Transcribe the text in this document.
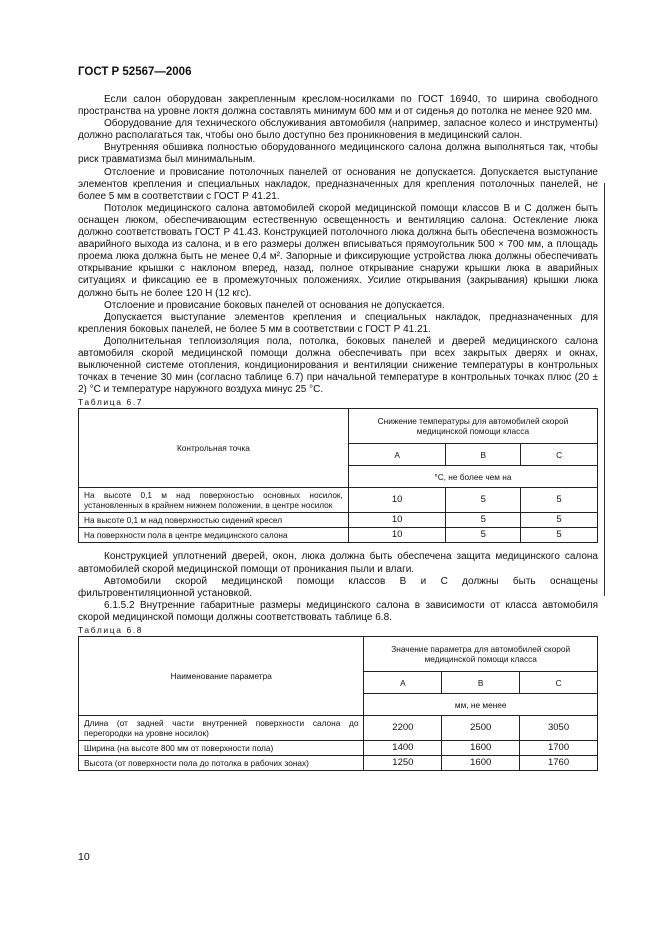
ГОСТ Р 52567—2006

Если салон оборудован закрепленным креслом-носилками по ГОСТ 16940, то ширина свободного пространства на уровне локтя должна составлять минимум 600 мм и от сиденья до потолка не менее 920 мм.

Оборудование для технического обслуживания автомобиля (например, запасное колесо и инструменты) должно располагаться так, чтобы оно было доступно без проникновения в медицинский салон.

Внутренняя обшивка полностью оборудованного медицинского салона должна выполняться так, чтобы риск травматизма был минимальным.

Отслоение и провисание потолочных панелей от основания не допускается. Допускается выступание элементов крепления и специальных накладок, предназначенных для крепления потолочных панелей, не более 5 мм в соответствии с ГОСТ Р 41.21.

Потолок медицинского салона автомобилей скорой медицинской помощи классов В и С должен быть оснащен люком, обеспечивающим естественную освещенность и вентиляцию салона. Остекление люка должно соответствовать ГОСТ Р 41.43. Конструкцией потолочного люка должна быть обеспечена возможность аварийного выхода из салона, и в его размеры должен вписываться прямоугольник 500 × 700 мм, а площадь проема люка должна быть не менее 0,4 м². Запорные и фиксирующие устройства люка должны обеспечивать открывание крышки с наклоном вперед, назад, полное открывание снаружи крышки люка в аварийных ситуациях и фиксацию ее в промежуточных положениях. Усилие открывания (закрывания) крышки люка должно быть не более 120 Н (12 кгс).

Отслоение и провисание боковых панелей от основания не допускается.

Допускается выступание элементов крепления и специальных накладок, предназначенных для крепления боковых панелей, не более 5 мм в соответствии с ГОСТ Р 41.21.

Дополнительная теплоизоляция пола, потолка, боковых панелей и дверей медицинского салона автомобиля скорой медицинской помощи должна обеспечивать при всех закрытых дверях и окнах, выключенной системе отопления, кондиционирования и вентиляции снижение температуры в контрольных точках в течение 30 мин (согласно таблице 6.7) при начальной температуре в контрольных точках плюс (20 ± 2) °С и температуре наружного воздуха минус 25 °С.

Таблица 6.7

Контрольная точка	Снижение температуры для автомобилей скорой медицинской помощи класса		
	А	В	С
	°С, не более чем на		
На высоте 0,1 м над поверхностью основных носилок, установленных в крайнем нижнем положении, в центре носилок	10	5	5
На высоте 0,1 м над поверхностью сидений кресел	10	5	5
На поверхности пола в центре медицинского салона	10	5	5

Конструкцией уплотнений дверей, окон, люка должна быть обеспечена защита медицинского салона автомобилей скорой медицинской помощи от проникания пыли и влаги.

Автомобили скорой медицинской помощи классов В и С должны быть оснащены фильтровентиляционной установкой.

6.1.5.2 Внутренние габаритные размеры медицинского салона в зависимости от класса автомобиля скорой медицинской помощи должны соответствовать таблице 6.8.

Таблица 6.8

Наименование параметра	Значение параметра для автомобилей скорой медицинской помощи класса		
	А	В	С
	мм, не менее		
Длина (от задней части внутренней поверхности салона до перегородки на уровне носилок)	2200	2500	3050
Ширина (на высоте 800 мм от поверхности пола)	1400	1600	1700
Высота (от поверхности пола до потолка в рабочих зонах)	1250	1600	1760
10
